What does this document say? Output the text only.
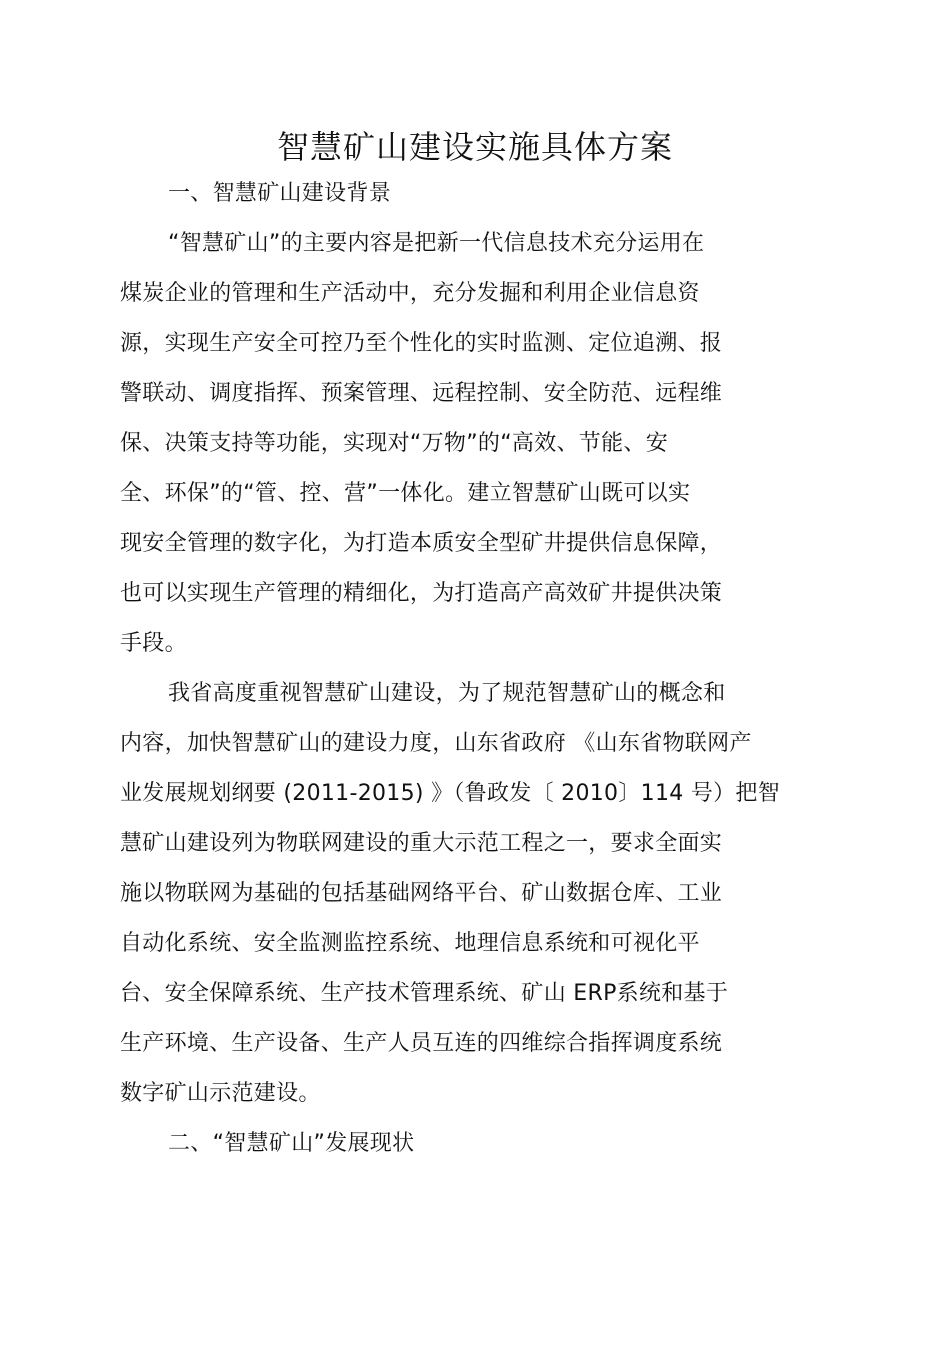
智慧矿山建设实施具体方案
一、智慧矿山建设背景
“智慧矿山”的主要内容是把新一代信息技术充分运用在
煤炭企业的管理和生产活动中，充分发掘和利用企业信息资
源，实现生产安全可控乃至个性化的实时监测、定位追溯、报
警联动、调度指挥、预案管理、远程控制、安全防范、远程维
保、决策支持等功能，实现对“万物”的“高效、节能、安
全、环保”的“管、控、营”一体化。建立智慧矿山既可以实
现安全管理的数字化，为打造本质安全型矿井提供信息保障，
也可以实现生产管理的精细化，为打造高产高效矿井提供决策
手段。
我省高度重视智慧矿山建设，为了规范智慧矿山的概念和
内容，加快智慧矿山的建设力度，山东省政府 《山东省物联网产
业发展规划纲要 (2011-2015) 》（鲁政发〔 2010〕114 号）把智
慧矿山建设列为物联网建设的重大示范工程之一，要求全面实
施以物联网为基础的包括基础网络平台、矿山数据仓库、工业
自动化系统、安全监测监控系统、地理信息系统和可视化平
台、安全保障系统、生产技术管理系统、矿山 ERP系统和基于
生产环境、生产设备、生产人员互连的四维综合指挥调度系统
数字矿山示范建设。
二、“智慧矿山”发展现状
